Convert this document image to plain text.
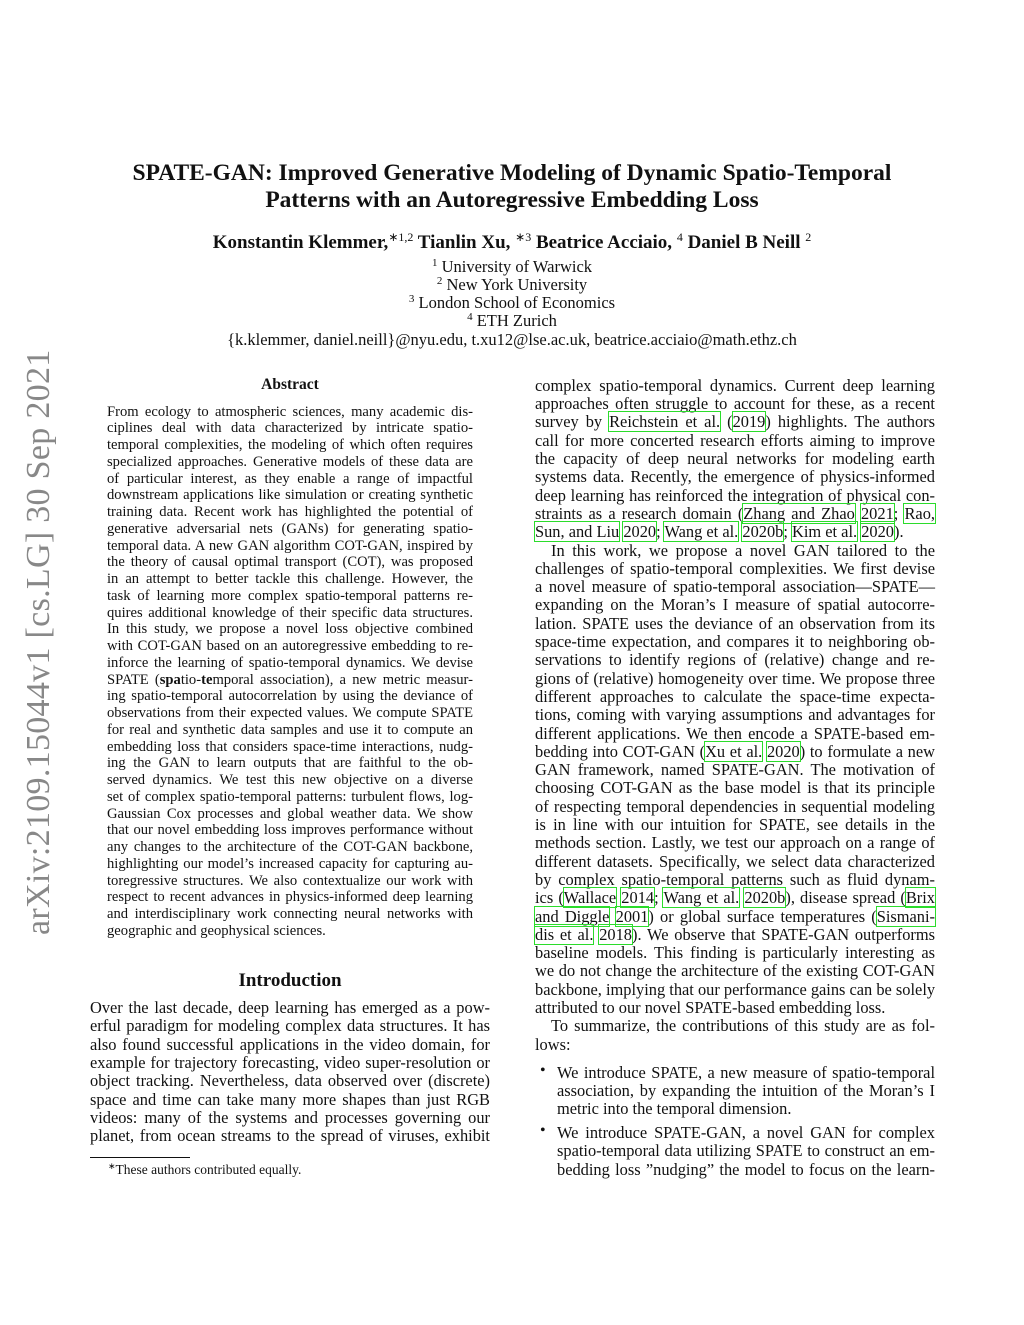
SPATE-GAN: Improved Generative Modeling of Dynamic Spatio-Temporal
Patterns with an Autoregressive Embedding Loss
Konstantin Klemmer,$^{∗1,2}$ Tianlin Xu, $^{∗3}$ Beatrice Acciaio, $^4$ Daniel B Neill $^2$
$^1$ University of Warwick
$^2$ New York University
$^3$ London School of Economics
$^4$ ETH Zurich
{k.klemmer, daniel.neill}@nyu.edu, t.xu12@lse.ac.uk, beatrice.acciaio@math.ethz.ch
arXiv:2109.15044v1 [cs.LG] 30 Sep 2021	Abstract
From ecology to atmospheric sciences, many academic dis-
ciplines deal with data characterized by intricate spatio-
temporal complexities, the modeling of which often requires
specialized approaches. Generative models of these data are
of particular interest, as they enable a range of impactful
downstream applications like simulation or creating synthetic
training data. Recent work has highlighted the potential of
generative adversarial nets (GANs) for generating spatio-
temporal data. A new GAN algorithm COT-GAN, inspired by
the theory of causal optimal transport (COT), was proposed
in an attempt to better tackle this challenge. However, the
task of learning more complex spatio-temporal patterns re-
quires additional knowledge of their specific data structures.
In this study, we propose a novel loss objective combined
with COT-GAN based on an autoregressive embedding to re-
inforce the learning of spatio-temporal dynamics. We devise
SPATE (spatio-temporal association), a new metric measur-
ing spatio-temporal autocorrelation by using the deviance of
observations from their expected values. We compute SPATE
for real and synthetic data samples and use it to compute an
embedding loss that considers space-time interactions, nudg-
ing the GAN to learn outputs that are faithful to the ob-
served dynamics. We test this new objective on a diverse
set of complex spatio-temporal patterns: turbulent flows, log-
Gaussian Cox processes and global weather data. We show
that our novel embedding loss improves performance without
any changes to the architecture of the COT-GAN backbone,
highlighting our model’s increased capacity for capturing au-
toregressive structures. We also contextualize our work with
respect to recent advances in physics-informed deep learning
and interdisciplinary work connecting neural networks with
geographic and geophysical sciences.
Introduction
Over the last decade, deep learning has emerged as a pow-
erful paradigm for modeling complex data structures. It has
also found successful applications in the video domain, for
example for trajectory forecasting, video super-resolution or
object tracking. Nevertheless, data observed over (discrete)
space and time can take many more shapes than just RGB
videos: many of the systems and processes governing our
planet, from ocean streams to the spread of viruses, exhibit
complex spatio-temporal dynamics. Current deep learning
approaches often struggle to account for these, as a recent
survey by Reichstein et al. (2019) highlights. The authors
call for more concerted research efforts aiming to improve
the capacity of deep neural networks for modeling earth
systems data. Recently, the emergence of physics-informed
deep learning has reinforced the integration of physical con-
straints as a research domain (Zhang and Zhao 2021; Rao,
Sun, and Liu 2020; Wang et al. 2020b; Kim et al. 2020).
In this work, we propose a novel GAN tailored to the
challenges of spatio-temporal complexities. We first devise
a novel measure of spatio-temporal association—SPATE—
expanding on the Moran’s I measure of spatial autocorre-
lation. SPATE uses the deviance of an observation from its
space-time expectation, and compares it to neighboring ob-
servations to identify regions of (relative) change and re-
gions of (relative) homogeneity over time. We propose three
different approaches to calculate the space-time expecta-
tions, coming with varying assumptions and advantages for
different applications. We then encode a SPATE-based em-
bedding into COT-GAN (Xu et al. 2020) to formulate a new
GAN framework, named SPATE-GAN. The motivation of
choosing COT-GAN as the base model is that its principle
of respecting temporal dependencies in sequential modeling
is in line with our intuition for SPATE, see details in the
methods section. Lastly, we test our approach on a range of
different datasets. Specifically, we select data characterized
by complex spatio-temporal patterns such as fluid dynam-
ics (Wallace 2014; Wang et al. 2020b), disease spread (Brix
and Diggle 2001) or global surface temperatures (Sismani-
dis et al. 2018). We observe that SPATE-GAN outperforms
baseline models. This finding is particularly interesting as
we do not change the architecture of the existing COT-GAN
backbone, implying that our performance gains can be solely
attributed to our novel SPATE-based embedding loss.
To summarize, the contributions of this study are as fol-
lows:
We introduce SPATE, a new measure of spatio-temporal
association, by expanding the intuition of the Moran’s I
metric into the temporal dimension.
We introduce SPATE-GAN, a novel GAN for complex
spatio-temporal data utilizing SPATE to construct an em-
bedding loss ”nudging” the model to focus on the learn-
•
•
∗These authors contributed equally.
